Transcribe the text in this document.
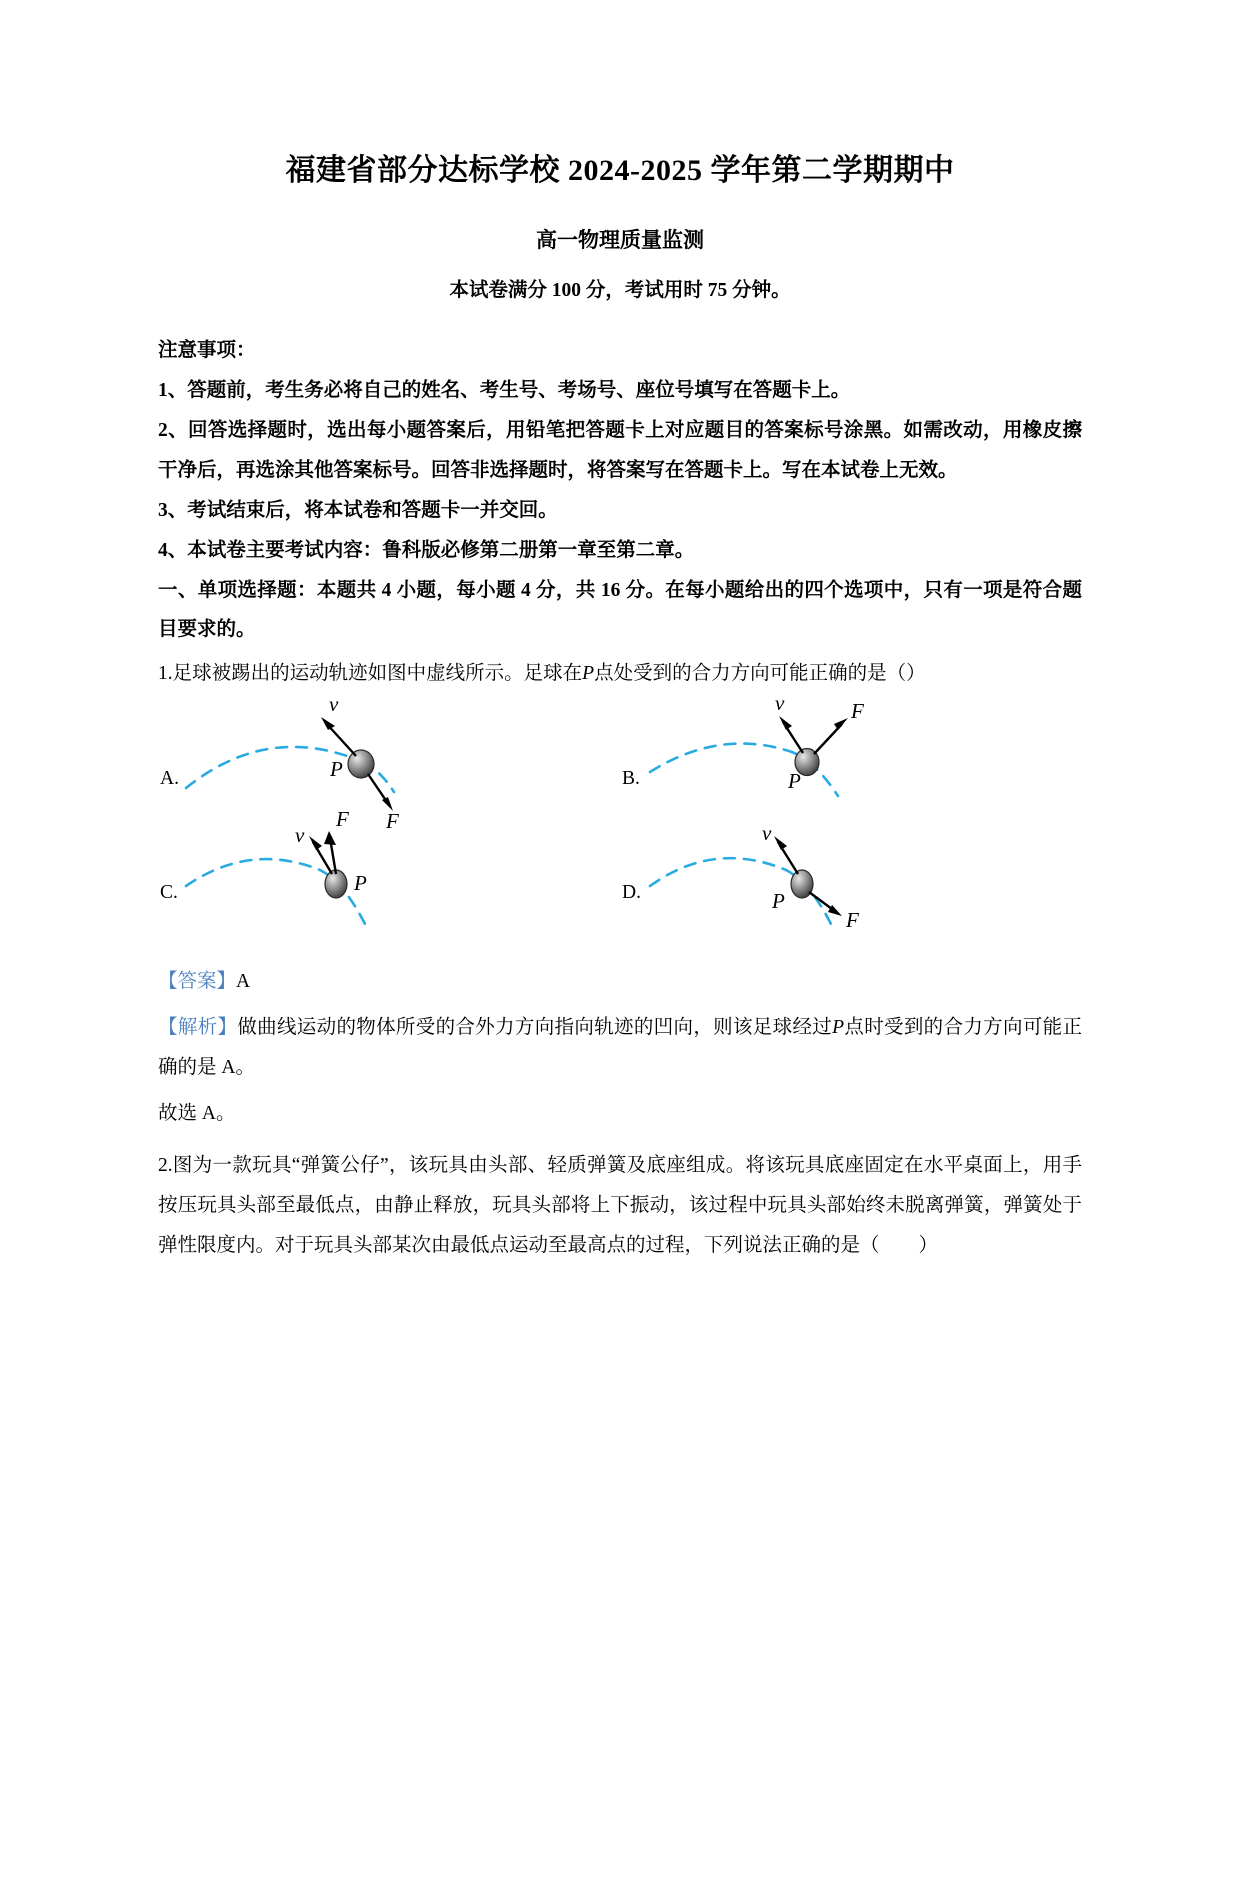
福建省部分达标学校 2024-2025 学年第二学期期中
高一物理质量监测
本试卷满分 100 分，考试用时 75 分钟。
注意事项：
1、答题前，考生务必将自己的姓名、考生号、考场号、座位号填写在答题卡上。
2、回答选择题时，选出每小题答案后，用铅笔把答题卡上对应题目的答案标号涂黑。如需改动，用橡皮擦干净后，再选涂其他答案标号。回答非选择题时，将答案写在答题卡上。写在本试卷上无效。
3、考试结束后，将本试卷和答题卡一并交回。
4、本试卷主要考试内容：鲁科版必修第二册第一章至第二章。
一、单项选择题：本题共 4 小题，每小题 4 分，共 16 分。在每小题给出的四个选项中，只有一项是符合题目要求的。
1.足球被踢出的运动轨迹如图中虚线所示。足球在P点处受到的合力方向可能正确的是（）
A.
v
F
P	B.
v	F
P
C.
v
F
P	D.
v
F
P
【答案】A
【解析】做曲线运动的物体所受的合外力方向指向轨迹的凹向，则该足球经过P点时受到的合力方向可能正确的是 A。
故选 A。
2.图为一款玩具“弹簧公仔”，该玩具由头部、轻质弹簧及底座组成。将该玩具底座固定在水平桌面上，用手按压玩具头部至最低点，由静止释放，玩具头部将上下振动，该过程中玩具头部始终未脱离弹簧，弹簧处于弹性限度内。对于玩具头部某次由最低点运动至最高点的过程，下列说法正确的是（　　）
